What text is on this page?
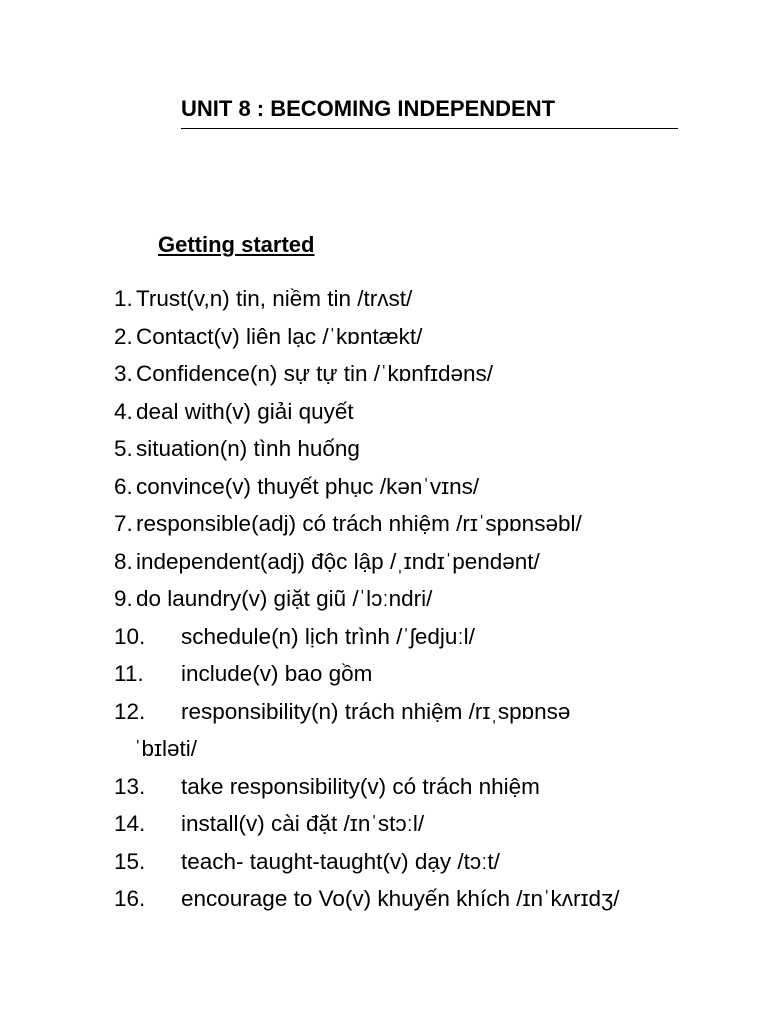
UNIT 8 : BECOMING INDEPENDENT
Getting started
1. Trust(v,n) tin, niềm tin /trʌst/
2. Contact(v) liên lạc /ˈkɒntækt/
3. Confidence(n) sự tự tin /ˈkɒnfɪdəns/
4. deal with(v) giải quyết
5. situation(n) tình huống
6. convince(v) thuyết phục /kənˈvɪns/
7. responsible(adj) có trách nhiệm /rɪˈspɒnsəbl/
8. independent(adj) độc lập /ˌɪndɪˈpendənt/
9. do laundry(v) giặt giũ /ˈlɔːndri/
10.	schedule(n) lịch trình /ˈʃedjuːl/
11.	include(v) bao gồm
12.	responsibility(n) trách nhiệm /rɪˌspɒnsə
ˈbɪləti/
13.	take responsibility(v) có trách nhiệm
14.	install(v) cài đặt /ɪnˈstɔːl/
15.	teach- taught-taught(v) dạy /tɔːt/
16.	encourage to Vo(v) khuyến khích /ɪnˈkʌrɪdʒ/
